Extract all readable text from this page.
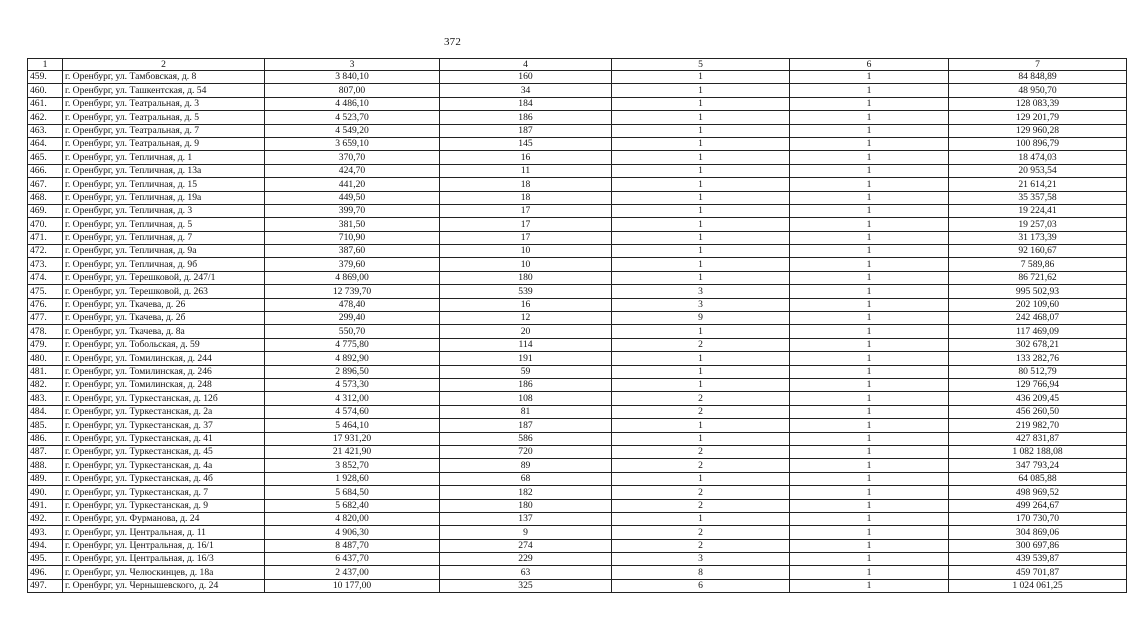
372
1	2	3	4	5	6	7
459.	г. Оренбург, ул. Тамбовская, д. 8	3 840,10	160	1	1	84 848,89
460.	г. Оренбург, ул. Ташкентская, д. 54	807,00	34	1	1	48 950,70
461.	г. Оренбург, ул. Театральная, д. 3	4 486,10	184	1	1	128 083,39
462.	г. Оренбург, ул. Театральная, д. 5	4 523,70	186	1	1	129 201,79
463.	г. Оренбург, ул. Театральная, д. 7	4 549,20	187	1	1	129 960,28
464.	г. Оренбург, ул. Театральная, д. 9	3 659,10	145	1	1	100 896,79
465.	г. Оренбург, ул. Тепличная, д. 1	370,70	16	1	1	18 474,03
466.	г. Оренбург, ул. Тепличная, д. 13а	424,70	11	1	1	20 953,54
467.	г. Оренбург, ул. Тепличная, д. 15	441,20	18	1	1	21 614,21
468.	г. Оренбург, ул. Тепличная, д. 19а	449,50	18	1	1	35 357,58
469.	г. Оренбург, ул. Тепличная, д. 3	399,70	17	1	1	19 224,41
470.	г. Оренбург, ул. Тепличная, д. 5	381,50	17	1	1	19 257,03
471.	г. Оренбург, ул. Тепличная, д. 7	710,90	17	1	1	31 173,39
472.	г. Оренбург, ул. Тепличная, д. 9а	387,60	10	1	1	92 160,67
473.	г. Оренбург, ул. Тепличная, д. 9б	379,60	10	1	1	7 589,86
474.	г. Оренбург, ул. Терешковой, д. 247/1	4 869,00	180	1	1	86 721,62
475.	г. Оренбург, ул. Терешковой, д. 263	12 739,70	539	3	1	995 502,93
476.	г. Оренбург, ул. Ткачева, д. 26	478,40	16	3	1	202 109,60
477.	г. Оренбург, ул. Ткачева, д. 2б	299,40	12	9	1	242 468,07
478.	г. Оренбург, ул. Ткачева, д. 8а	550,70	20	1	1	117 469,09
479.	г. Оренбург, ул. Тобольская, д. 59	4 775,80	114	2	1	302 678,21
480.	г. Оренбург, ул. Томилинская, д. 244	4 892,90	191	1	1	133 282,76
481.	г. Оренбург, ул. Томилинская, д. 246	2 896,50	59	1	1	80 512,79
482.	г. Оренбург, ул. Томилинская, д. 248	4 573,30	186	1	1	129 766,94
483.	г. Оренбург, ул. Туркестанская, д. 12б	4 312,00	108	2	1	436 209,45
484.	г. Оренбург, ул. Туркестанская, д. 2а	4 574,60	81	2	1	456 260,50
485.	г. Оренбург, ул. Туркестанская, д. 37	5 464,10	187	1	1	219 982,70
486.	г. Оренбург, ул. Туркестанская, д. 41	17 931,20	586	1	1	427 831,87
487.	г. Оренбург, ул. Туркестанская, д. 45	21 421,90	720	2	1	1 082 188,08
488.	г. Оренбург, ул. Туркестанская, д. 4а	3 852,70	89	2	1	347 793,24
489.	г. Оренбург, ул. Туркестанская, д. 4б	1 928,60	68	1	1	64 085,88
490.	г. Оренбург, ул. Туркестанская, д. 7	5 684,50	182	2	1	498 969,52
491.	г. Оренбург, ул. Туркестанская, д. 9	5 682,40	180	2	1	499 264,67
492.	г. Оренбург, ул. Фурманова, д. 24	4 820,00	137	1	1	170 730,70
493.	г. Оренбург, ул. Центральная, д. 11	4 906,30	9	2	1	304 869,06
494.	г. Оренбург, ул. Центральная, д. 16/1	8 487,70	274	2	1	300 697,86
495.	г. Оренбург, ул. Центральная, д. 16/3	6 437,70	229	3	1	439 539,87
496.	г. Оренбург, ул. Челюскинцев, д. 18а	2 437,00	63	8	1	459 701,87
497.	г. Оренбург, ул. Чернышевского, д. 24	10 177,00	325	6	1	1 024 061,25
